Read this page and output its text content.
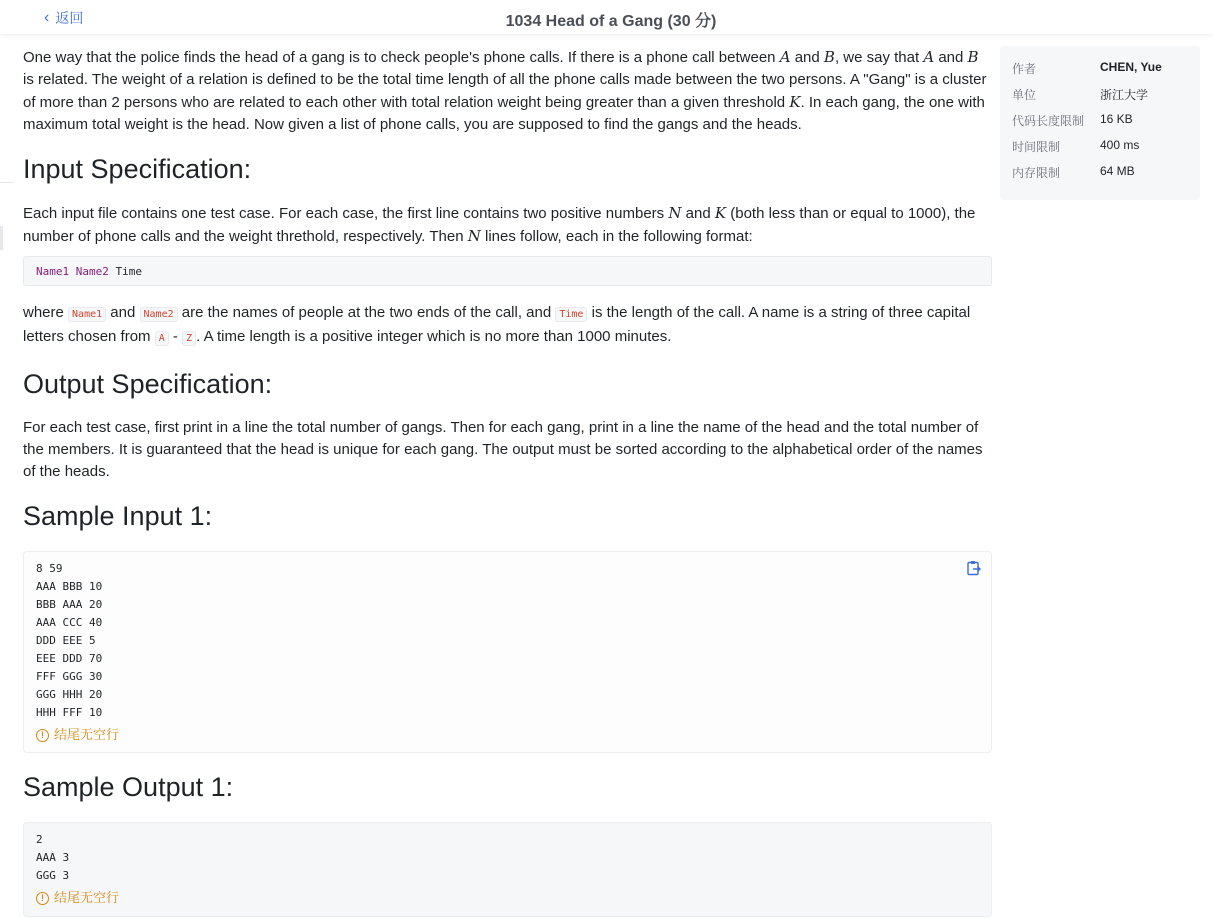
‹ 返回	1034 Head of a Gang (30 分)

One way that the police finds the head of a gang is to check people's phone calls. If there is a phone call between A and B, we say that A and B is related. The weight of a relation is defined to be the total time length of all the phone calls made between the two persons. A "Gang" is a cluster of more than 2 persons who are related to each other with total relation weight being greater than a given threshold K. In each gang, the one with maximum total weight is the head. Now given a list of phone calls, you are supposed to find the gangs and the heads.

Input Specification:

Each input file contains one test case. For each case, the first line contains two positive numbers N and K (both less than or equal to 1000), the number of phone calls and the weight threthold, respectively. Then N lines follow, each in the following format:

Name1 Name2 Time

where Name1 and Name2 are the names of people at the two ends of the call, and Time is the length of the call. A name is a string of three capital letters chosen from A - Z . A time length is a positive integer which is no more than 1000 minutes.

Output Specification:

For each test case, first print in a line the total number of gangs. Then for each gang, print in a line the name of the head and the total number of the members. It is guaranteed that the head is unique for each gang. The output must be sorted according to the alphabetical order of the names of the heads.

Sample Input 1:
8 59
AAA BBB 10
BBB AAA 20
AAA CCC 40
DDD EEE 5
EEE DDD 70
FFF GGG 30
GGG HHH 20
HHH FFF 10
! 结尾无空行
Sample Output 1:
2
AAA 3
GGG 3
! 结尾无空行
作者	CHEN, Yue
单位	浙江大学
代码长度限制 16 KB
时间限制	400 ms
内存限制	64 MB
